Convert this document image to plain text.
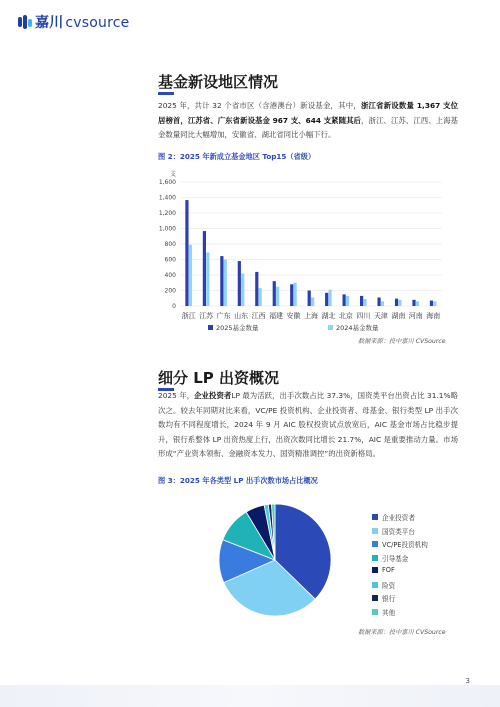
嘉川 cvsource
基金新设地区情况
2025 年，共计 32 个省市区（含港澳台）新设基金，其中，浙江省新设数量 1,367 支位居榜首，江苏省、广东省新设基金 967 支、644 支紧随其后，浙江、江苏、江西、上海基金数量同比大幅增加，安徽省、湖北省同比小幅下行。
图 2：2025 年新成立基金地区 Top15（省级）
支
0
200
400
600
800
1,000
1,200
1,400
1,600
浙江 江苏 广东 山东 江西 福建 安徽 上海 湖北 北京 四川 天津 湖南 河南 海南
2025基金数量	2024基金数量
数据来源：投中嘉川 CVSource
细分 LP 出资概况
2025 年，企业投资者LP 最为活跃，出手次数占比 37.3%，国资类平台出资占比 31.1%略次之。较去年同期对比来看，VC/PE 投资机构、企业投资者、母基金、银行类型 LP 出手次数均有不同程度增长，2024 年 9 月 AIC 股权投资试点放宽后，AIC 基金市场占比稳步提升，银行系整体 LP 出资热度上行，出资次数同比增长 21.7%，AIC 是重要推动力量。市场形成“产业资本领衔、金融资本发力、国资精准调控”的出资新格局。
图 3：2025 年各类型 LP 出手次数市场占比概况
企业投资者
国资类平台
VC/PE投资机构
引导基金
FOF
险资
银行
其他
数据来源：投中嘉川 CVSource
3
